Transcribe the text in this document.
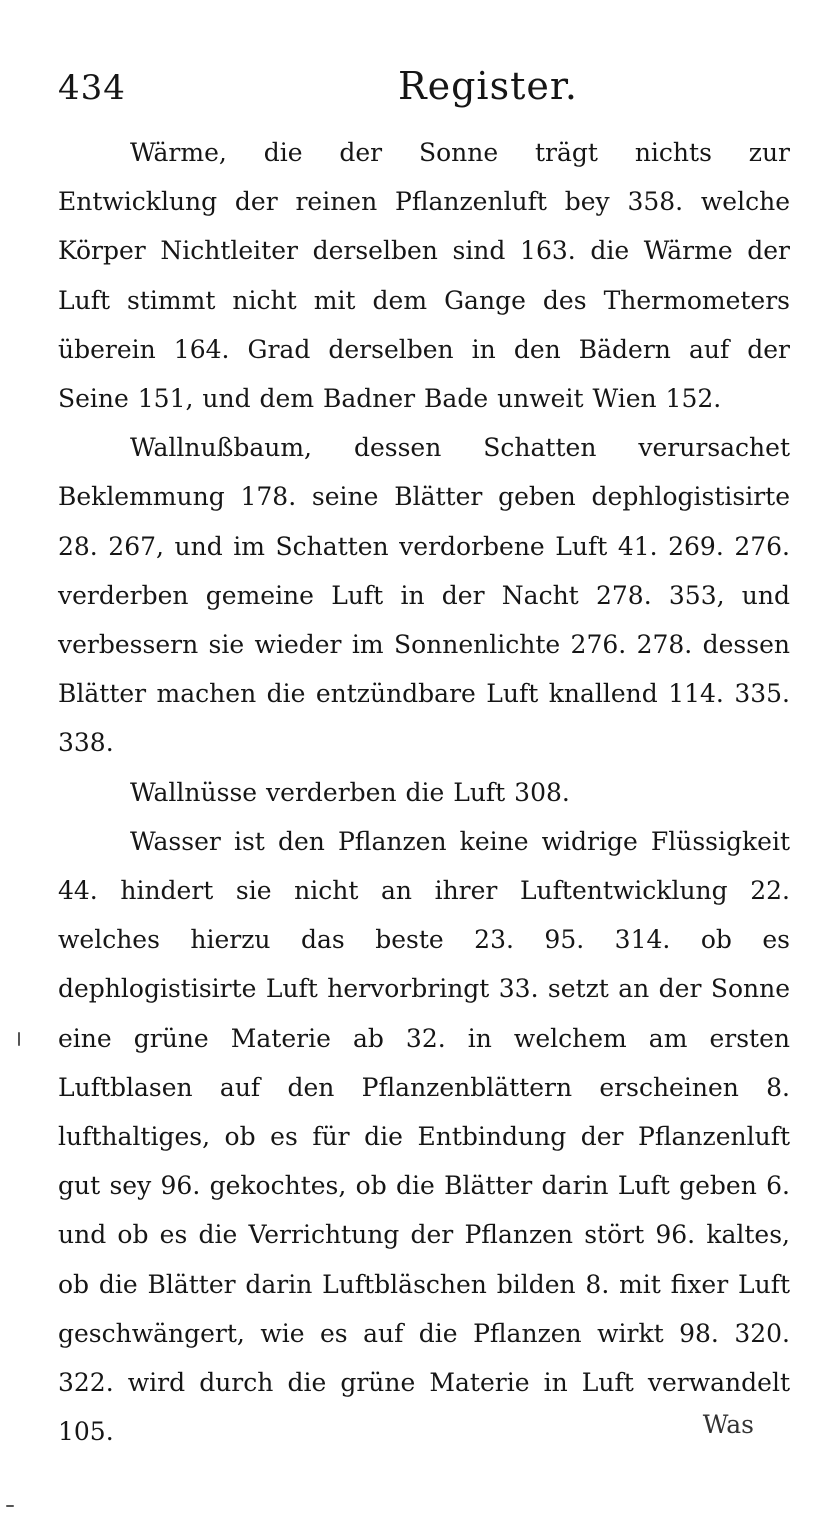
434	Register.

Wärme, die der Sonne trägt nichts zur Entwicklung der reinen Pflanzenluft bey 358. welche Körper Nichtleiter derselben sind 163. die Wärme der Luft stimmt nicht mit dem Gange des Thermometers überein 164. Grad derselben in den Bädern auf der Seine 151, und dem Badner Bade unweit Wien 152.

Wallnußbaum, dessen Schatten verursachet Beklemmung 178. seine Blätter geben dephlogistisirte 28. 267, und im Schatten verdorbene Luft 41. 269. 276. verderben gemeine Luft in der Nacht 278. 353, und verbessern sie wieder im Sonnenlichte 276. 278. dessen Blätter machen die entzündbare Luft knallend 114. 335. 338.

Wallnüsse verderben die Luft 308.

Wasser ist den Pflanzen keine widrige Flüssigkeit 44. hindert sie nicht an ihrer Luftentwicklung 22. welches hierzu das beste 23. 95. 314. ob es dephlogistisirte Luft hervorbringt 33. setzt an der Sonne eine grüne Materie ab 32. in welchem am ersten Luftblasen auf den Pflanzenblättern erscheinen 8. lufthaltiges, ob es für die Entbindung der Pflanzenluft gut sey 96. gekochtes, ob die Blätter darin Luft geben 6. und ob es die Verrichtung der Pflanzen stört 96. kaltes, ob die Blätter darin Luftbläschen bilden 8. mit fixer Luft geschwängert, wie es auf die Pflanzen wirkt 98. 320. 322. wird durch die grüne Materie in Luft verwandelt 105.	Was
